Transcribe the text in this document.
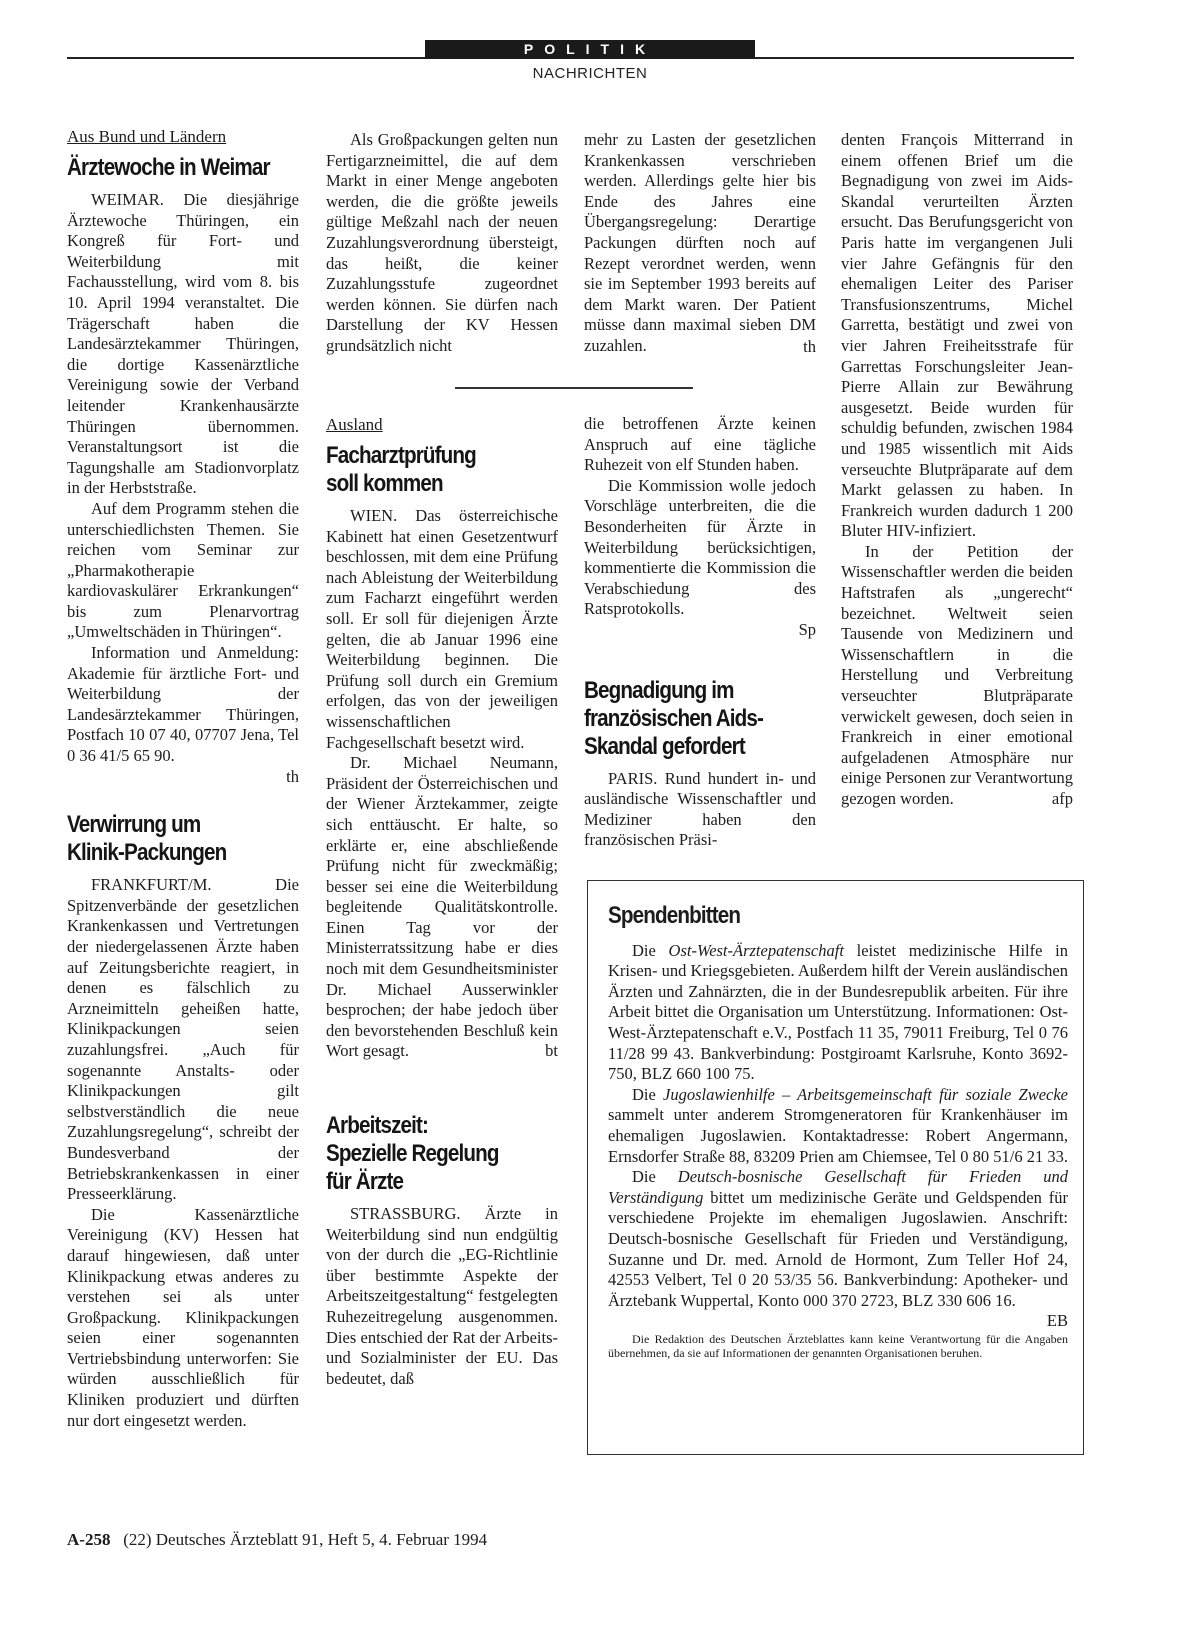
POLITIK
NACHRICHTEN
Aus Bund und Ländern
Ärztewoche in Weimar

WEIMAR. Die diesjährige Ärztewoche Thüringen, ein Kongreß für Fort- und Weiterbildung mit Fachausstellung, wird vom 8. bis 10. April 1994 veranstaltet. Die Trägerschaft haben die Landesärztekammer Thüringen, die dortige Kassenärztliche Vereinigung sowie der Verband leitender Krankenhausärzte Thüringen übernommen. Veranstaltungsort ist die Tagungshalle am Stadionvorplatz in der Herbststraße.

Auf dem Programm stehen die unterschiedlichsten Themen. Sie reichen vom Seminar zur „Pharmakotherapie kardiovaskulärer Erkrankungen“ bis zum Plenarvortrag „Umweltschäden in Thüringen“.

Information und Anmeldung: Akademie für ärztliche Fort- und Weiterbildung der Landesärztekammer Thüringen, Postfach 10 07 40, 07707 Jena, Tel 0 36 41/5 65 90.
th

Verwirrung um
Klinik-Packungen

FRANKFURT/M. Die Spitzenverbände der gesetzlichen Krankenkassen und Vertretungen der niedergelassenen Ärzte haben auf Zeitungsberichte reagiert, in denen es fälschlich zu Arzneimitteln geheißen hatte, Klinikpackungen seien zuzahlungsfrei. „Auch für sogenannte Anstalts- oder Klinikpackungen gilt selbstverständlich die neue Zuzahlungsregelung“, schreibt der Bundesverband der Betriebskrankenkassen in einer Presseerklärung.

Die Kassenärztliche Vereinigung (KV) Hessen hat darauf hingewiesen, daß unter Klinikpackung etwas anderes zu verstehen sei als unter Großpackung. Klinikpackungen seien einer sogenannten Vertriebsbindung unterworfen: Sie würden ausschließlich für Kliniken produziert und dürften nur dort eingesetzt werden.

Als Großpackungen gelten nun Fertigarzneimittel, die auf dem Markt in einer Menge angeboten werden, die die größte jeweils gültige Meßzahl nach der neuen Zuzahlungsverordnung übersteigt, das heißt, die keiner Zuzahlungsstufe zugeordnet werden können. Sie dürfen nach Darstellung der KV Hessen grundsätzlich nicht

mehr zu Lasten der gesetzlichen Krankenkassen verschrieben werden. Allerdings gelte hier bis Ende des Jahres eine Übergangsregelung: Derartige Packungen dürften noch auf Rezept verordnet werden, wenn sie im September 1993 bereits auf dem Markt waren. Der Patient müsse dann maximal sieben DM zuzahlen.	th
Ausland
Facharztprüfung
soll kommen

WIEN. Das österreichische Kabinett hat einen Gesetzentwurf beschlossen, mit dem eine Prüfung nach Ableistung der Weiterbildung zum Facharzt eingeführt werden soll. Er soll für diejenigen Ärzte gelten, die ab Januar 1996 eine Weiterbildung beginnen. Die Prüfung soll durch ein Gremium erfolgen, das von der jeweiligen wissenschaftlichen Fachgesellschaft besetzt wird.

Dr. Michael Neumann, Präsident der Österreichischen und der Wiener Ärztekammer, zeigte sich enttäuscht. Er halte, so erklärte er, eine abschließende Prüfung nicht für zweckmäßig; besser sei eine die Weiterbildung begleitende Qualitätskontrolle. Einen Tag vor der Ministerratssitzung habe er dies noch mit dem Gesundheitsminister Dr. Michael Ausserwinkler besprochen; der habe jedoch über den bevorstehenden Beschluß kein Wort gesagt.	bt

Arbeitszeit:
Spezielle Regelung
für Ärzte

STRASSBURG. Ärzte in Weiterbildung sind nun endgültig von der durch die „EG-Richtlinie über bestimmte Aspekte der Arbeitszeitgestaltung“ festgelegten Ruhezeitregelung ausgenommen. Dies entschied der Rat der Arbeits- und Sozialminister der EU. Das bedeutet, daß

die betroffenen Ärzte keinen Anspruch auf eine tägliche Ruhezeit von elf Stunden haben.

Die Kommission wolle jedoch Vorschläge unterbreiten, die die Besonderheiten für Ärzte in Weiterbildung berücksichtigen, kommentierte die Kommission die Verabschiedung des Ratsprotokolls.

Sp
Begnadigung im
französischen Aids-
Skandal gefordert

PARIS. Rund hundert in- und ausländische Wissenschaftler und Mediziner haben den französischen Präsi-

denten François Mitterrand in einem offenen Brief um die Begnadigung von zwei im Aids-Skandal verurteilten Ärzten ersucht. Das Berufungsgericht von Paris hatte im vergangenen Juli vier Jahre Gefängnis für den ehemaligen Leiter des Pariser Transfusionszentrums, Michel Garretta, bestätigt und zwei von vier Jahren Freiheitsstrafe für Garrettas Forschungsleiter Jean-Pierre Allain zur Bewährung ausgesetzt. Beide wurden für schuldig befunden, zwischen 1984 und 1985 wissentlich mit Aids verseuchte Blutpräparate auf dem Markt gelassen zu haben. In Frankreich wurden dadurch 1 200 Bluter HIV-infiziert.

In der Petition der Wissenschaftler werden die beiden Haftstrafen als „ungerecht“ bezeichnet. Weltweit seien Tausende von Medizinern und Wissenschaftlern in die Herstellung und Verbreitung verseuchter Blutpräparate verwickelt gewesen, doch seien in Frankreich in einer emotional aufgeladenen Atmosphäre nur einige Personen zur Verantwortung gezogen worden.	afp

Spendenbitten

Die Ost-West-Ärztepatenschaft leistet medizinische Hilfe in Krisen- und Kriegsgebieten. Außerdem hilft der Verein ausländischen Ärzten und Zahnärzten, die in der Bundesrepublik arbeiten. Für ihre Arbeit bittet die Organisation um Unterstützung. Informationen: Ost-West-Ärztepatenschaft e.V., Postfach 11 35, 79011 Freiburg, Tel 0 76 11/28 99 43. Bankverbindung: Postgiroamt Karlsruhe, Konto 3692-750, BLZ 660 100 75.

Die Jugoslawienhilfe – Arbeitsgemeinschaft für soziale Zwecke sammelt unter anderem Stromgeneratoren für Krankenhäuser im ehemaligen Jugoslawien. Kontaktadresse: Robert Angermann, Ernsdorfer Straße 88, 83209 Prien am Chiemsee, Tel 0 80 51/6 21 33.

Die Deutsch-bosnische Gesellschaft für Frieden und Verständigung bittet um medizinische Geräte und Geldspenden für verschiedene Projekte im ehemaligen Jugoslawien. Anschrift: Deutsch-bosnische Gesellschaft für Frieden und Verständigung, Suzanne und Dr. med. Arnold de Hormont, Zum Teller Hof 24, 42553 Velbert, Tel 0 20 53/35 56. Bankverbindung: Apotheker- und Ärztebank Wuppertal, Konto 000 370 2723, BLZ 330 606 16.

EB

Die Redaktion des Deutschen Ärzteblattes kann keine Verantwortung für die Angaben übernehmen, da sie auf Informationen der genannten Organisationen beruhen.

A-258 (22) Deutsches Ärzteblatt 91, Heft 5, 4. Februar 1994
